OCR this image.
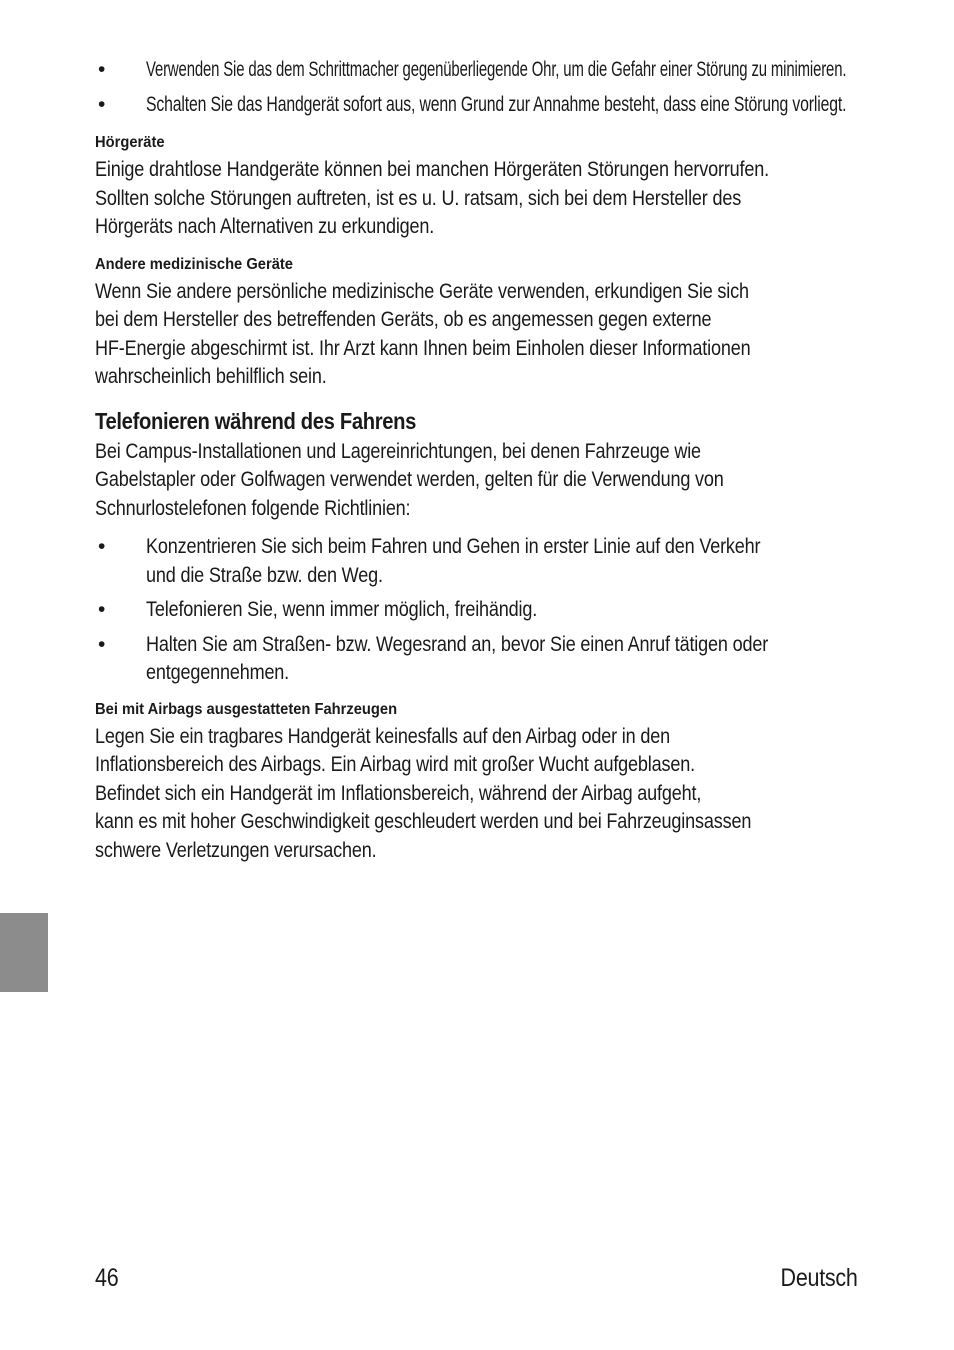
• Verwenden Sie das dem Schrittmacher gegenüberliegende Ohr, um die Gefahr einer Störung zu minimieren.
• Schalten Sie das Handgerät sofort aus, wenn Grund zur Annahme besteht, dass eine Störung vorliegt.
Hörgeräte

Einige drahtlose Handgeräte können bei manchen Hörgeräten Störungen hervorrufen.
Sollten solche Störungen auftreten, ist es u. U. ratsam, sich bei dem Hersteller des
Hörgeräts nach Alternativen zu erkundigen.

Andere medizinische Geräte

Wenn Sie andere persönliche medizinische Geräte verwenden, erkundigen Sie sich
bei dem Hersteller des betreffenden Geräts, ob es angemessen gegen externe
HF-Energie abgeschirmt ist. Ihr Arzt kann Ihnen beim Einholen dieser Informationen
wahrscheinlich behilflich sein.

Telefonieren während des Fahrens

Bei Campus-Installationen und Lagereinrichtungen, bei denen Fahrzeuge wie
Gabelstapler oder Golfwagen verwendet werden, gelten für die Verwendung von
Schnurlostelefonen folgende Richtlinien:

• Konzentrieren Sie sich beim Fahren und Gehen in erster Linie auf den Verkehr
und die Straße bzw. den Weg.
• Telefonieren Sie, wenn immer möglich, freihändig.
• Halten Sie am Straßen- bzw. Wegesrand an, bevor Sie einen Anruf tätigen oder
entgegennehmen.
Bei mit Airbags ausgestatteten Fahrzeugen

Legen Sie ein tragbares Handgerät keinesfalls auf den Airbag oder in den
Inflationsbereich des Airbags. Ein Airbag wird mit großer Wucht aufgeblasen.
Befindet sich ein Handgerät im Inflationsbereich, während der Airbag aufgeht,
kann es mit hoher Geschwindigkeit geschleudert werden und bei Fahrzeuginsassen
schwere Verletzungen verursachen.

46	Deutsch
